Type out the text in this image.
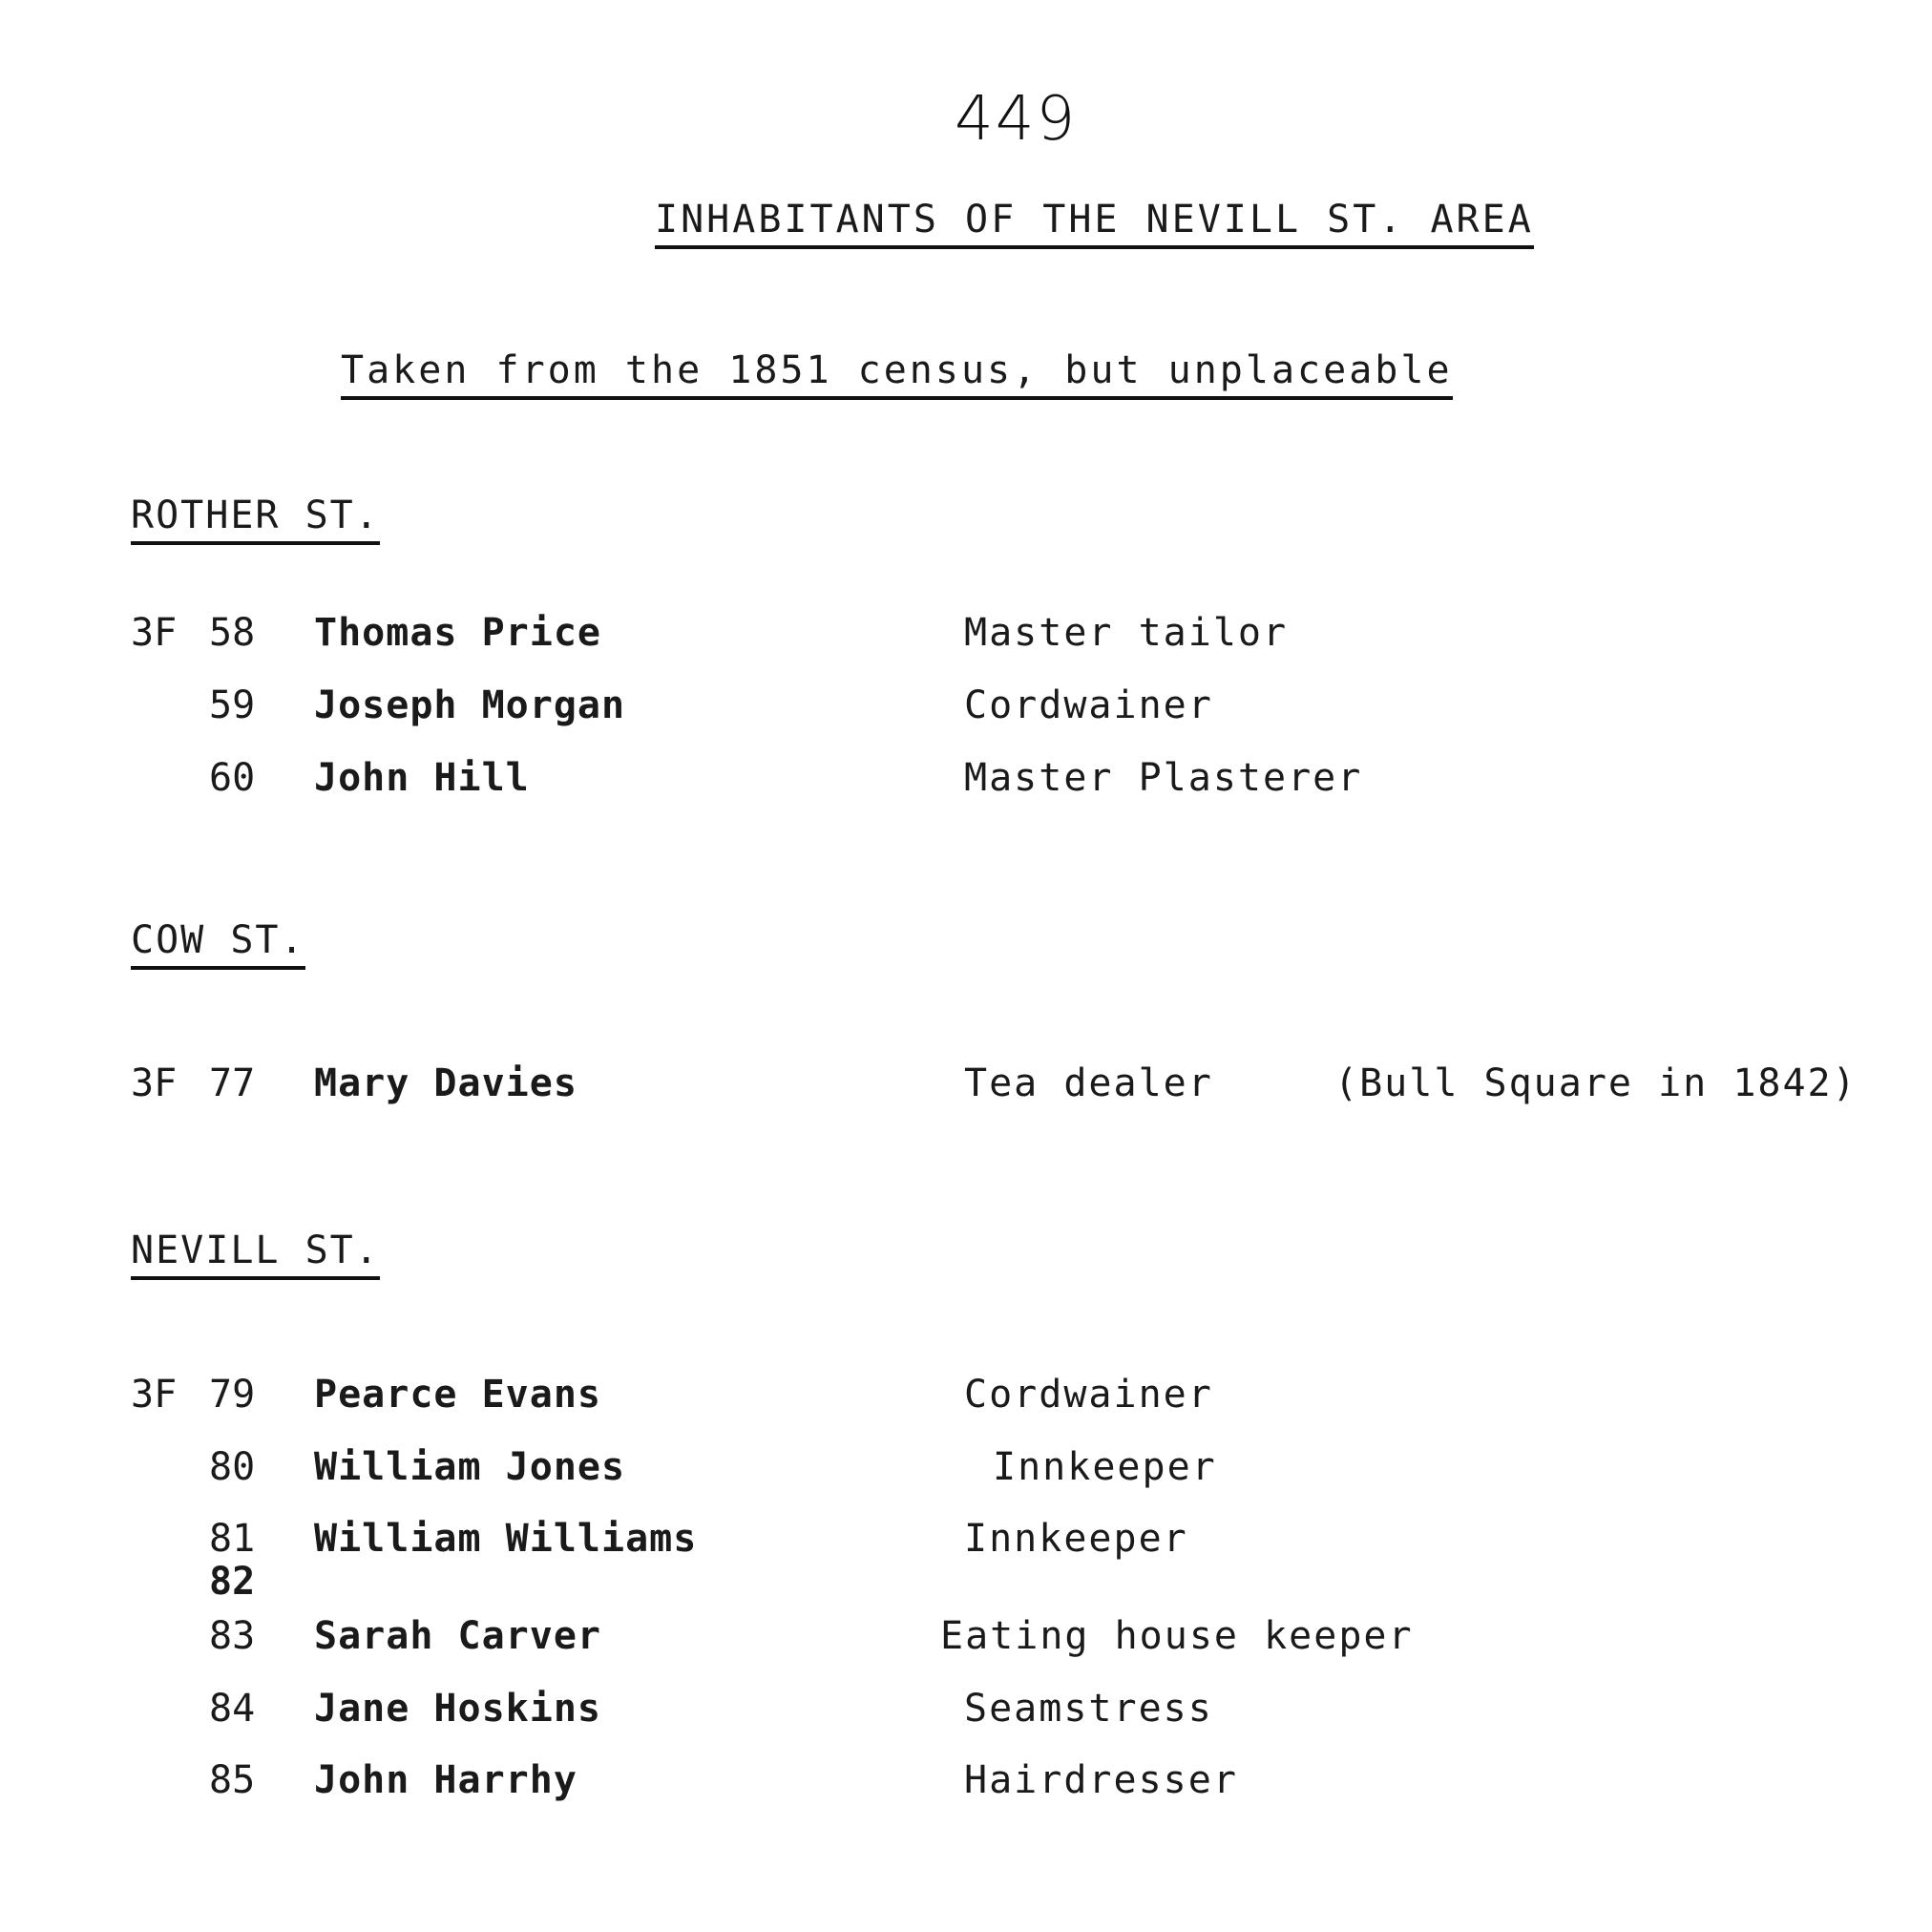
449
INHABITANTS OF THE NEVILL ST. AREA
Taken from the 1851 census, but unplaceable
ROTHER ST.
3F 58 Thomas Price	Master tailor
59 Joseph Morgan	Cordwainer
60 John Hill	Master Plasterer
COW ST.
3F 77 Mary Davies	Tea dealer	(Bull Square in 1842)
NEVILL ST.
3F 79 Pearce Evans	Cordwainer
80 William Jones	Innkeeper
81 William Williams	Innkeeper
82
83 Sarah Carver	Eating house keeper
84 Jane Hoskins	Seamstress
85 John Harrhy	Hairdresser
